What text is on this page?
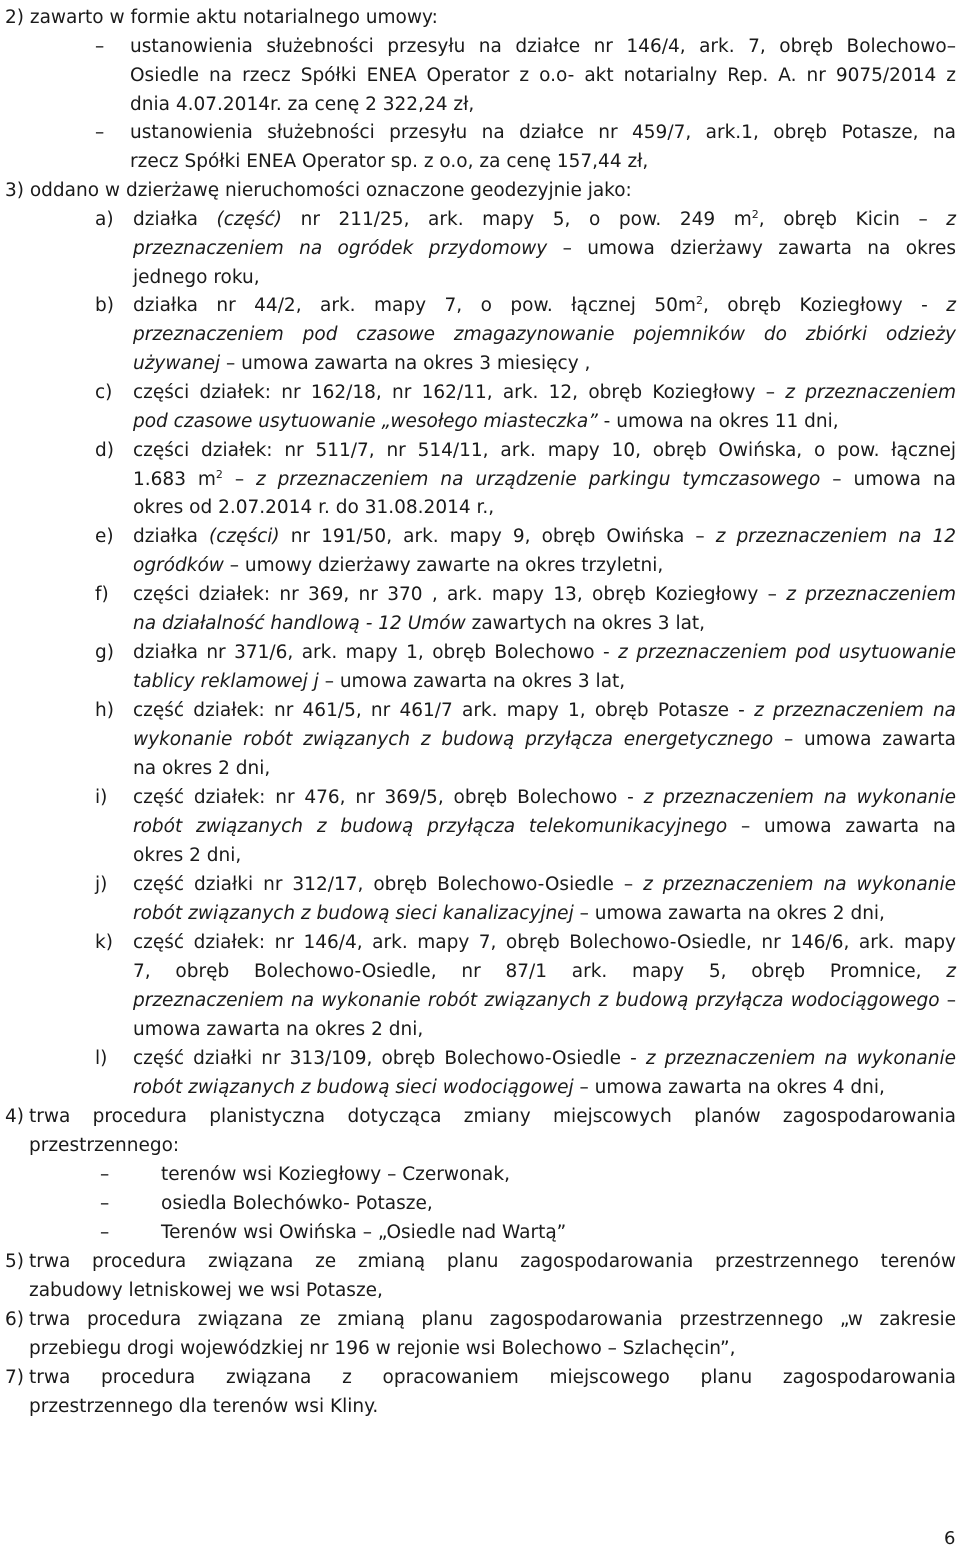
2) zawarto w formie aktu notarialnego umowy:
– ustanowienia służebności przesyłu na działce nr 146/4, ark. 7, obręb Bolechowo–
Osiedle na rzecz Spółki ENEA Operator z o.o- akt notarialny Rep. A. nr 9075/2014 z
dnia 4.07.2014r. za cenę 2 322,24 zł,
– ustanowienia służebności przesyłu na działce nr 459/7, ark.1, obręb Potasze, na
rzecz Spółki ENEA Operator sp. z o.o, za cenę 157,44 zł,
3) oddano w dzierżawę nieruchomości oznaczone geodezyjnie jako:
a) działka (część) nr 211/25, ark. mapy 5, o pow. 249 $m^2$, obręb Kicin – z
przeznaczeniem na ogródek przydomowy – umowa dzierżawy zawarta na okres
jednego roku,
b) działka nr 44/2, ark. mapy 7, o pow. łącznej $50m^2$, obręb Koziegłowy - z
przeznaczeniem pod czasowe zmagazynowanie pojemników do zbiórki odzieży
używanej – umowa zawarta na okres 3 miesięcy ,
c) części działek: nr 162/18, nr 162/11, ark. 12, obręb Koziegłowy – z przeznaczeniem
pod czasowe usytuowanie „wesołego miasteczka” - umowa na okres 11 dni,
d) części działek: nr 511/7, nr 514/11, ark. mapy 10, obręb Owińska, o pow. łącznej
1.683 $m^2$ – z przeznaczeniem na urządzenie parkingu tymczasowego – umowa na
okres od 2.07.2014 r. do 31.08.2014 r.,
e) działka (części) nr 191/50, ark. mapy 9, obręb Owińska – z przeznaczeniem na 12
ogródków – umowy dzierżawy zawarte na okres trzyletni,
f) części działek: nr 369, nr 370 , ark. mapy 13, obręb Koziegłowy – z przeznaczeniem
na działalność handlową - 12 Umów zawartych na okres 3 lat,
g) działka nr 371/6, ark. mapy 1, obręb Bolechowo - z przeznaczeniem pod usytuowanie
tablicy reklamowej j – umowa zawarta na okres 3 lat,
h) część działek: nr 461/5, nr 461/7 ark. mapy 1, obręb Potasze - z przeznaczeniem na
wykonanie robót związanych z budową przyłącza energetycznego – umowa zawarta
na okres 2 dni,
i) część działek: nr 476, nr 369/5, obręb Bolechowo - z przeznaczeniem na wykonanie
robót związanych z budową przyłącza telekomunikacyjnego – umowa zawarta na
okres 2 dni,
j) część działki nr 312/17, obręb Bolechowo-Osiedle – z przeznaczeniem na wykonanie
robót związanych z budową sieci kanalizacyjnej – umowa zawarta na okres 2 dni,
k) część działek: nr 146/4, ark. mapy 7, obręb Bolechowo-Osiedle, nr 146/6, ark. mapy
7, obręb Bolechowo-Osiedle, nr 87/1 ark. mapy 5, obręb Promnice, z
przeznaczeniem na wykonanie robót związanych z budową przyłącza wodociągowego –
umowa zawarta na okres 2 dni,
l) część działki nr 313/109, obręb Bolechowo-Osiedle - z przeznaczeniem na wykonanie
robót związanych z budową sieci wodociągowej – umowa zawarta na okres 4 dni,
4) trwa procedura planistyczna dotycząca zmiany miejscowych planów zagospodarowania
przestrzennego:
–	terenów wsi Koziegłowy – Czerwonak,
–	osiedla Bolechówko- Potasze,
–	Terenów wsi Owińska – „Osiedle nad Wartą”
5) trwa procedura związana ze zmianą planu zagospodarowania przestrzennego terenów
zabudowy letniskowej we wsi Potasze,
6) trwa procedura związana ze zmianą planu zagospodarowania przestrzennego „w zakresie
przebiegu drogi wojewódzkiej nr 196 w rejonie wsi Bolechowo – Szlachęcin”,
7) trwa procedura związana z opracowaniem miejscowego planu zagospodarowania
przestrzennego dla terenów wsi Kliny.
6
